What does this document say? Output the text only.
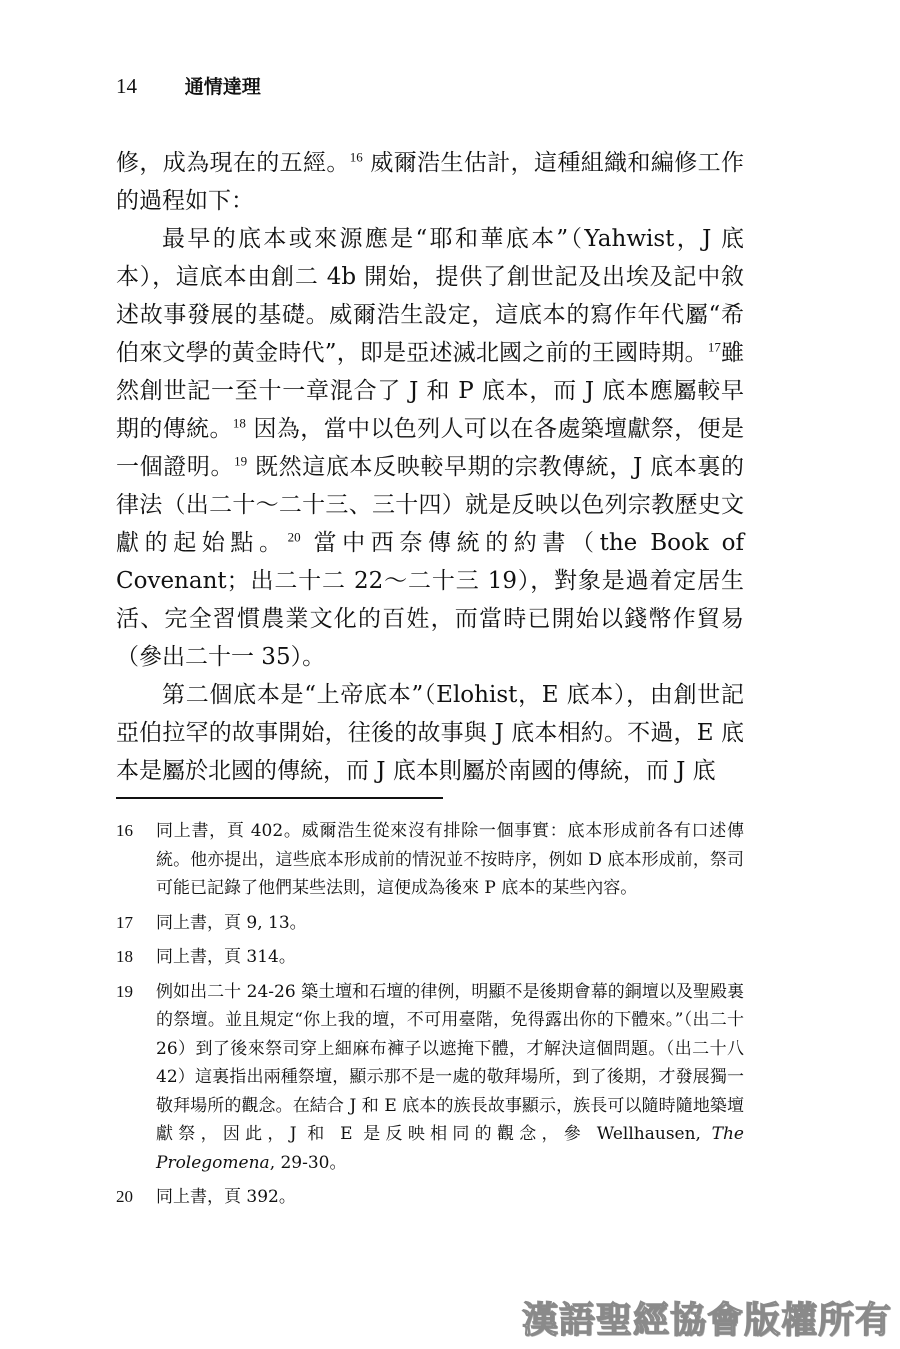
14	通情達理

修，成為現在的五經。$^{16}$ 威爾浩生估計，這種組織和編修工作的過程如下：

最早的底本或來源應是“耶和華底本”（Yahwist，J 底本），這底本由創二 4b 開始，提供了創世記及出埃及記中敘述故事發展的基礎。威爾浩生設定，這底本的寫作年代屬“希伯來文學的黃金時代”，即是亞述滅北國之前的王國時期。$^{17}$雖然創世記一至十一章混合了 J 和 P 底本，而 J 底本應屬較早期的傳統。$^{18}$ 因為，當中以色列人可以在各處築壇獻祭，便是一個證明。$^{19}$ 既然這底本反映較早期的宗教傳統，J 底本裏的律法（出二十～二十三、三十四）就是反映以色列宗教歷史文獻的起始點。$^{20}$ 當中西奈傳統的約書（the Book of Covenant；出二十二 22～二十三 19），對象是過着定居生活、完全習慣農業文化的百姓，而當時已開始以錢幣作貿易（參出二十一 35）。

第二個底本是“上帝底本”（Elohist，E 底本），由創世記亞伯拉罕的故事開始，往後的故事與 J 底本相約。不過，E 底本是屬於北國的傳統，而 J 底本則屬於南國的傳統，而 J 底

16	同上書，頁 402。威爾浩生從來沒有排除一個事實：底本形成前各有口述傳統。他亦提出，這些底本形成前的情況並不按時序，例如 D 底本形成前，祭司可能已記錄了他們某些法則，這便成為後來 P 底本的某些內容。
17	同上書，頁 9, 13。
18	同上書，頁 314。
19	例如出二十 24-26 築土壇和石壇的律例，明顯不是後期會幕的銅壇以及聖殿裏的祭壇。並且規定“你上我的壇，不可用臺階，免得露出你的下體來。”（出二十 26）到了後來祭司穿上細麻布褲子以遮掩下體，才解決這個問題。（出二十八 42）這裏指出兩種祭壇，顯示那不是一處的敬拜場所，到了後期，才發展獨一敬拜場所的觀念。在結合 J 和 E 底本的族長故事顯示，族長可以隨時隨地築壇獻祭，因此，J 和 E 是反映相同的觀念，參 Wellhausen, The Prolegomena, 29-30。
20	同上書，頁 392。
漢語聖經協會版權所有
